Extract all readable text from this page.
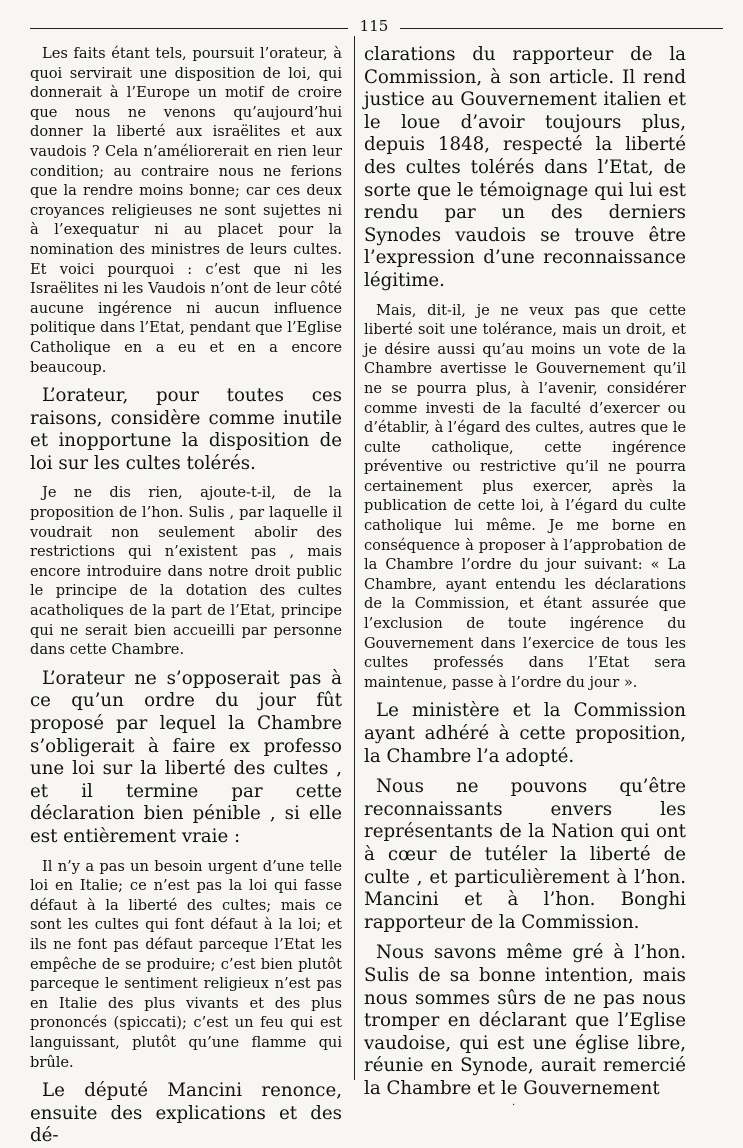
115

Les faits étant tels, poursuit l’orateur, à quoi servirait une disposition de loi, qui donnerait à l’Europe un motif de croire que nous ne venons qu’aujourd’hui donner la liberté aux israëlites et aux vaudois ? Cela n’améliorerait en rien leur condition; au contraire nous ne ferions que la rendre moins bonne; car ces deux croyances religieuses ne sont sujettes ni à l’exequatur ni au placet pour la nomination des ministres de leurs cultes. Et voici pourquoi : c’est que ni les Israëlites ni les Vaudois n’ont de leur côté aucune ingérence ni aucun influence politique dans l’Etat, pendant que l’Eglise Catholique en a eu et en a encore beaucoup.

L’orateur, pour toutes ces raisons, considère comme inutile et inopportune la disposition de loi sur les cultes tolérés.

Je ne dis rien, ajoute-t-il, de la proposition de l’hon. Sulis , par laquelle il voudrait non seulement abolir des restrictions qui n’existent pas , mais encore introduire dans notre droit public le principe de la dotation des cultes acatholiques de la part de l’Etat, principe qui ne serait bien accueilli par personne dans cette Chambre.

L’orateur ne s’opposerait pas à ce qu’un ordre du jour fût proposé par lequel la Chambre s’obligerait à faire ex professo une loi sur la liberté des cultes , et il termine par cette déclaration bien pénible , si elle est entièrement vraie :

Il n’y a pas un besoin urgent d’une telle loi en Italie; ce n’est pas la loi qui fasse défaut à la liberté des cultes; mais ce sont les cultes qui font défaut à la loi; et ils ne font pas défaut parceque l’Etat les empêche de se produire; c’est bien plutôt parceque le sentiment religieux n’est pas en Italie des plus vivants et des plus prononcés (spiccati); c’est un feu qui est languissant, plutôt qu’une flamme qui brûle.

Le député Mancini renonce, ensuite des explications et des dé-

clarations du rapporteur de la Commission, à son article. Il rend justice au Gouvernement italien et le loue d’avoir toujours plus, depuis 1848, respecté la liberté des cultes tolérés dans l’Etat, de sorte que le témoignage qui lui est rendu par un des derniers Synodes vaudois se trouve être l’expression d’une reconnaissance légitime.

Mais, dit-il, je ne veux pas que cette liberté soit une tolérance, mais un droit, et je désire aussi qu’au moins un vote de la Chambre avertisse le Gouvernement qu’il ne se pourra plus, à l’avenir, considérer comme investi de la faculté d’exercer ou d’établir, à l’égard des cultes, autres que le culte catholique, cette ingérence préventive ou restrictive qu’il ne pourra certainement plus exercer, après la publication de cette loi, à l’égard du culte catholique lui même. Je me borne en conséquence à proposer à l’approbation de la Chambre l’ordre du jour suivant: « La Chambre, ayant entendu les déclarations de la Commission, et étant assurée que l’exclusion de toute ingérence du Gouvernement dans l’exercice de tous les cultes professés dans l’Etat sera maintenue, passe à l’ordre du jour ».

Le ministère et la Commission ayant adhéré à cette proposition, la Chambre l’a adopté.

Nous ne pouvons qu’être reconnaissants envers les représentants de la Nation qui ont à cœur de tutéler la liberté de culte , et particulièrement à l’hon. Mancini et à l’hon. Bonghi rapporteur de la Commission.

Nous savons même gré à l’hon. Sulis de sa bonne intention, mais nous sommes sûrs de ne pas nous tromper en déclarant que l’Eglise vaudoise, qui est une église libre, réunie en Synode, aurait remercié la Chambre et le Gouvernement

·
